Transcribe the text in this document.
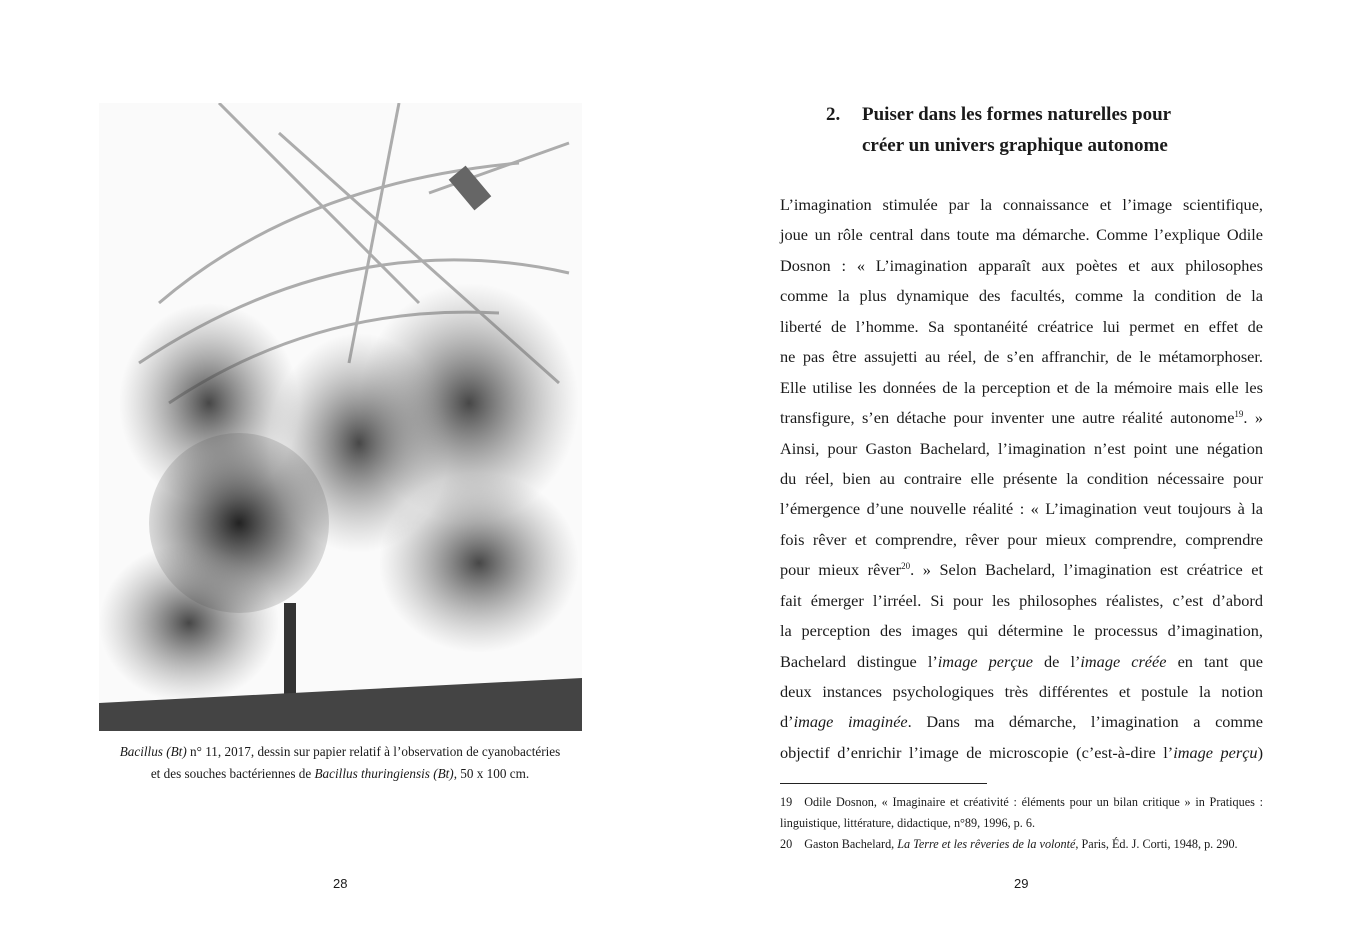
Bacillus (Bt) n° 11, 2017, dessin sur papier relatif à l’observation de cyanobactéries
et des souches bactériennes de Bacillus thuringiensis (Bt), 50 x 100 cm.
28
2. Puiser dans les formes naturelles pour
créer un univers graphique autonome
L’imagination stimulée par la connaissance et l’image scientifique,
joue un rôle central dans toute ma démarche. Comme l’explique Odile
Dosnon : « L’imagination apparaît aux poètes et aux philosophes
comme la plus dynamique des facultés, comme la condition de la
liberté de l’homme. Sa spontanéité créatrice lui permet en effet de
ne pas être assujetti au réel, de s’en affranchir, de le métamorphoser.
Elle utilise les données de la perception et de la mémoire mais elle les
transfigure, s’en détache pour inventer une autre réalité autonome$^{19}$. »
Ainsi, pour Gaston Bachelard, l’imagination n’est point une négation
du réel, bien au contraire elle présente la condition nécessaire pour
l’émergence d’une nouvelle réalité : « L’imagination veut toujours à la
fois rêver et comprendre, rêver pour mieux comprendre, comprendre
pour mieux rêver$^{20}$. » Selon Bachelard, l’imagination est créatrice et
fait émerger l’irréel. Si pour les philosophes réalistes, c’est d’abord
la perception des images qui détermine le processus d’imagination,
Bachelard distingue l’image perçue de l’image créée en tant que
deux instances psychologiques très différentes et postule la notion
d’image imaginée. Dans ma démarche, l’imagination a comme
objectif d’enrichir l’image de microscopie (c’est-à-dire l’image perçu)
19 Odile Dosnon, « Imaginaire et créativité : éléments pour un bilan critique » in Pratiques :
linguistique, littérature, didactique, n°89, 1996, p. 6.
20 Gaston Bachelard, La Terre et les rêveries de la volonté, Paris, Éd. J. Corti, 1948, p. 290.
29
